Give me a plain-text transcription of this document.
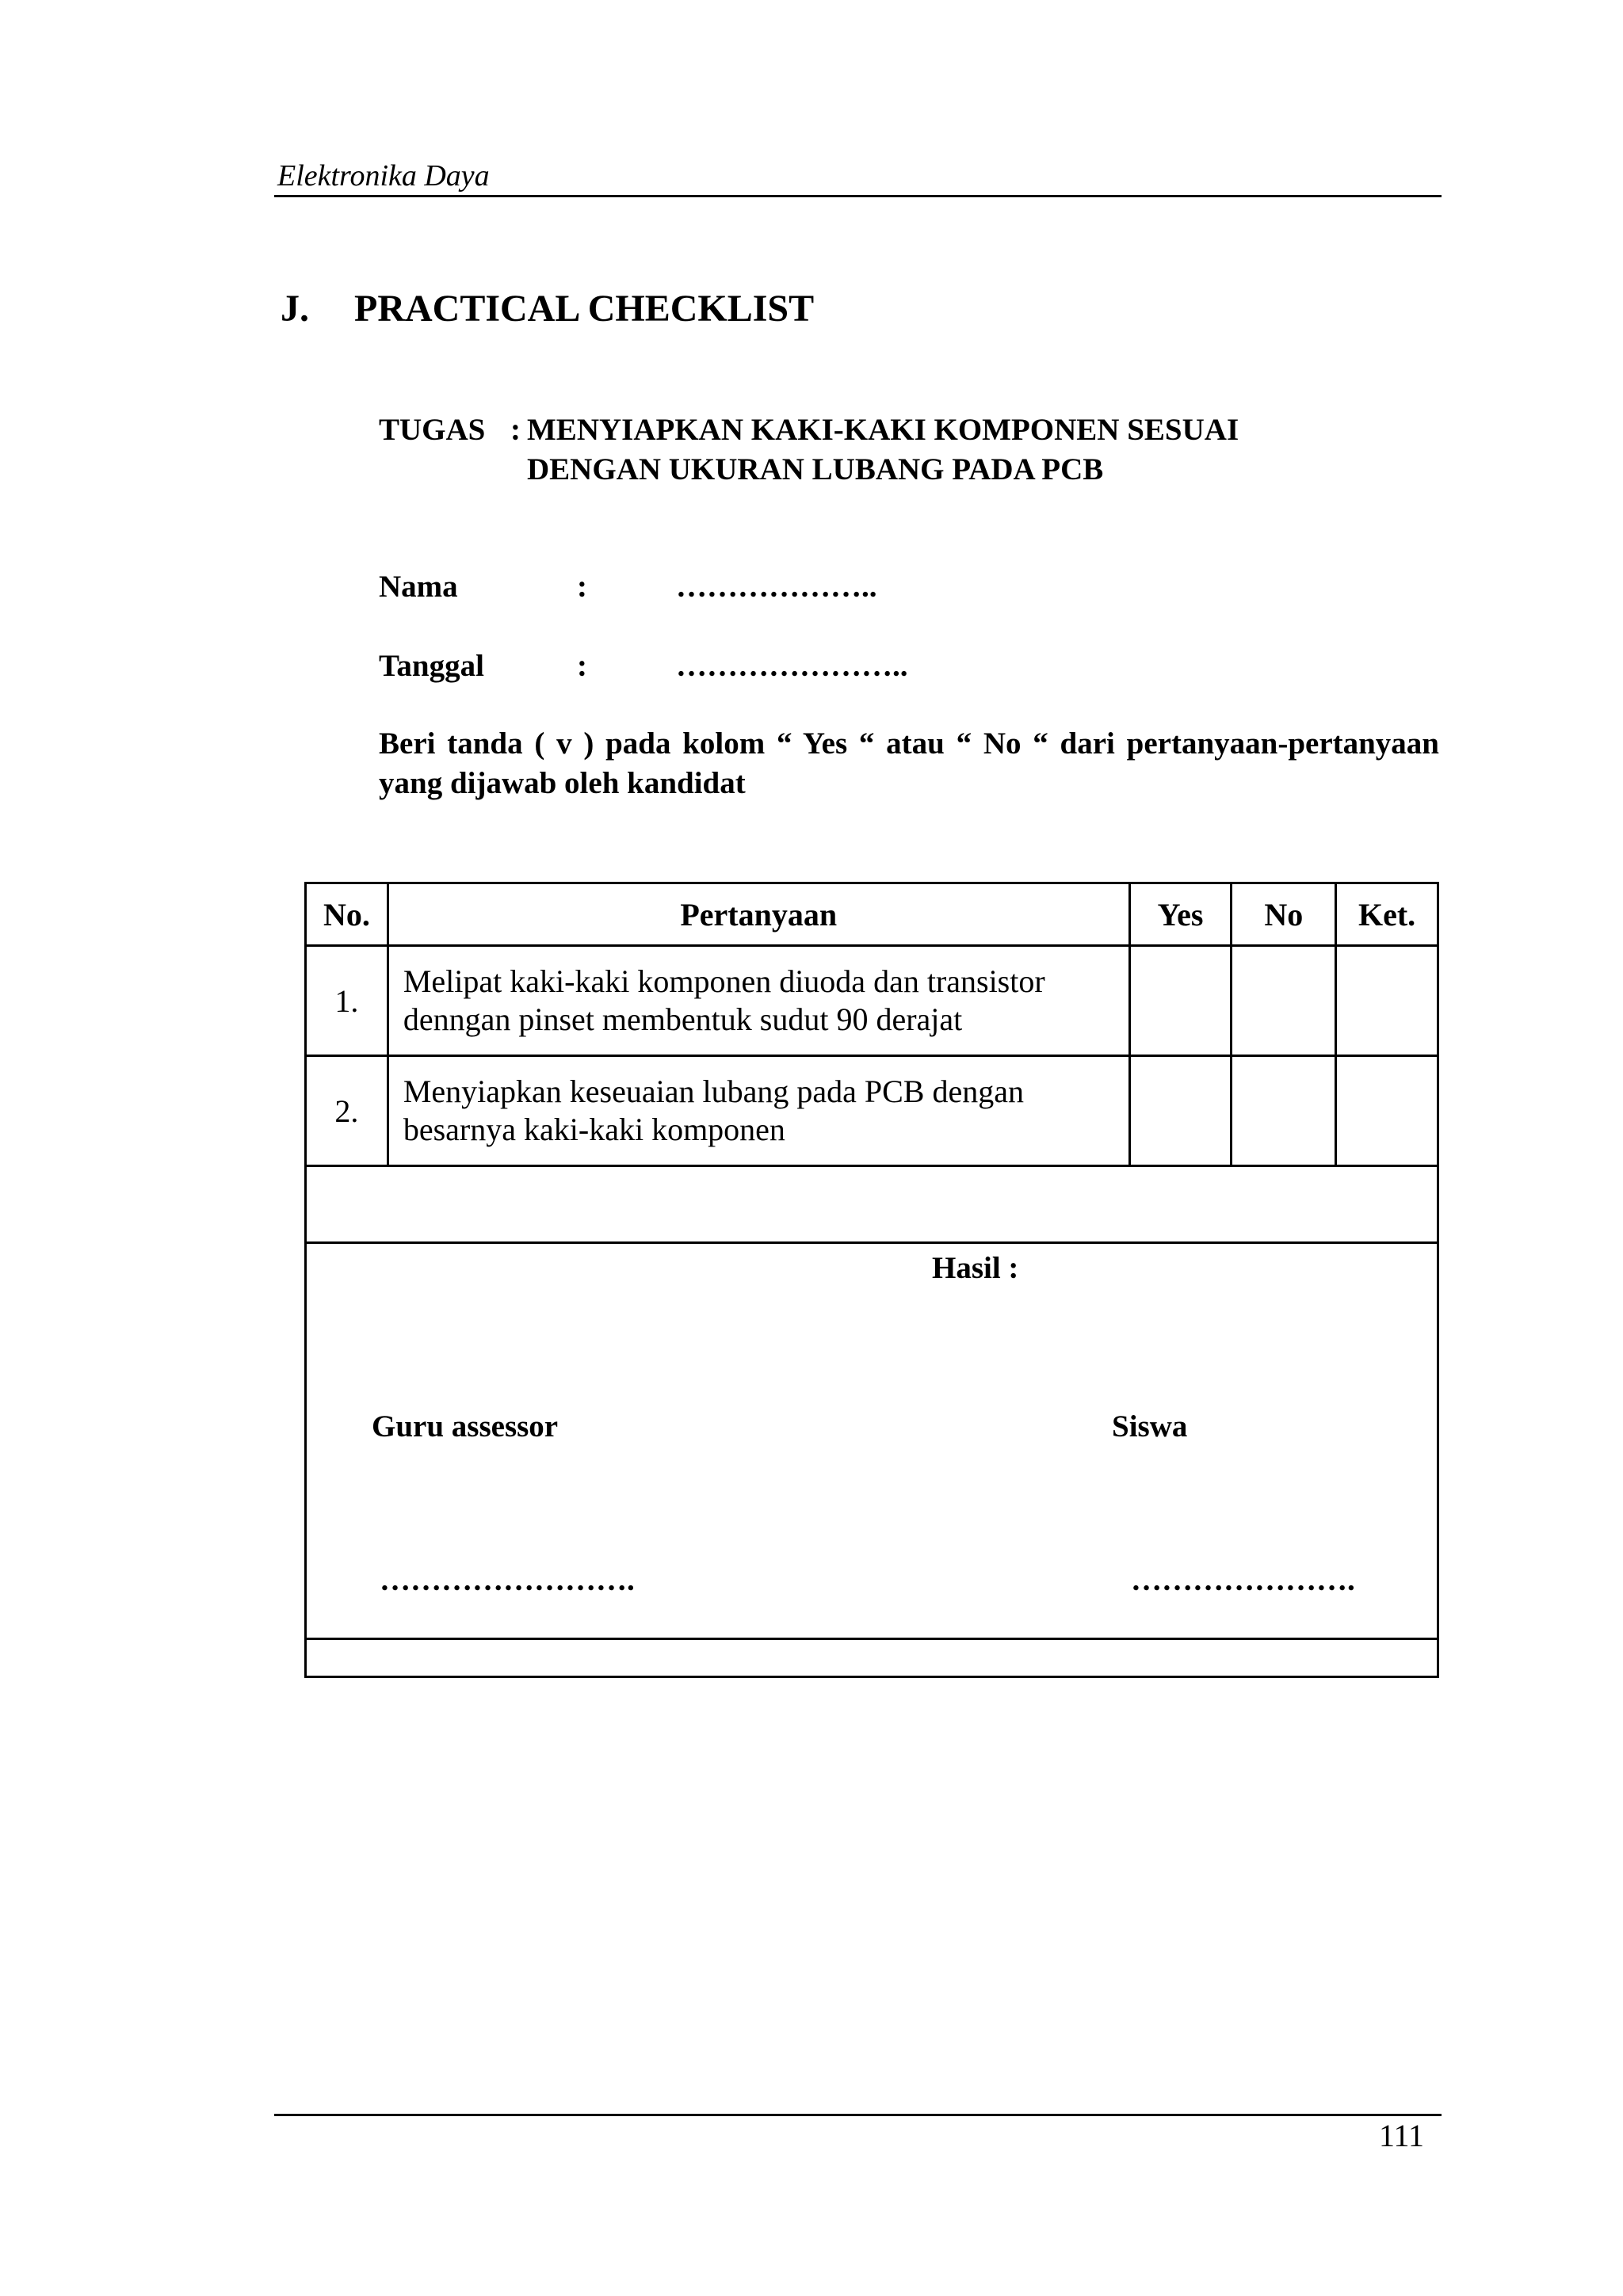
Elektronika Daya
J. PRACTICAL CHECKLIST
TUGAS : MENYIAPKAN KAKI-KAKI KOMPONEN SESUAI
DENGAN UKURAN LUBANG PADA PCB
Nama	:	………………..
Tanggal	:	…………………..
Beri tanda ( v ) pada kolom “ Yes “ atau “ No “ dari pertanyaan-pertanyaan yang dijawab oleh kandidat
No.	Pertanyaan	Yes	No	Ket.
1.	Melipat kaki-kaki komponen diuoda dan transistor
denngan pinset membentuk sudut 90 derajat			

2.	Menyiapkan keseuaian lubang pada PCB dengan
besarnya kaki-kaki komponen			

Hasil :
Guru assessor Siswa
……………………. ………………….				

111
